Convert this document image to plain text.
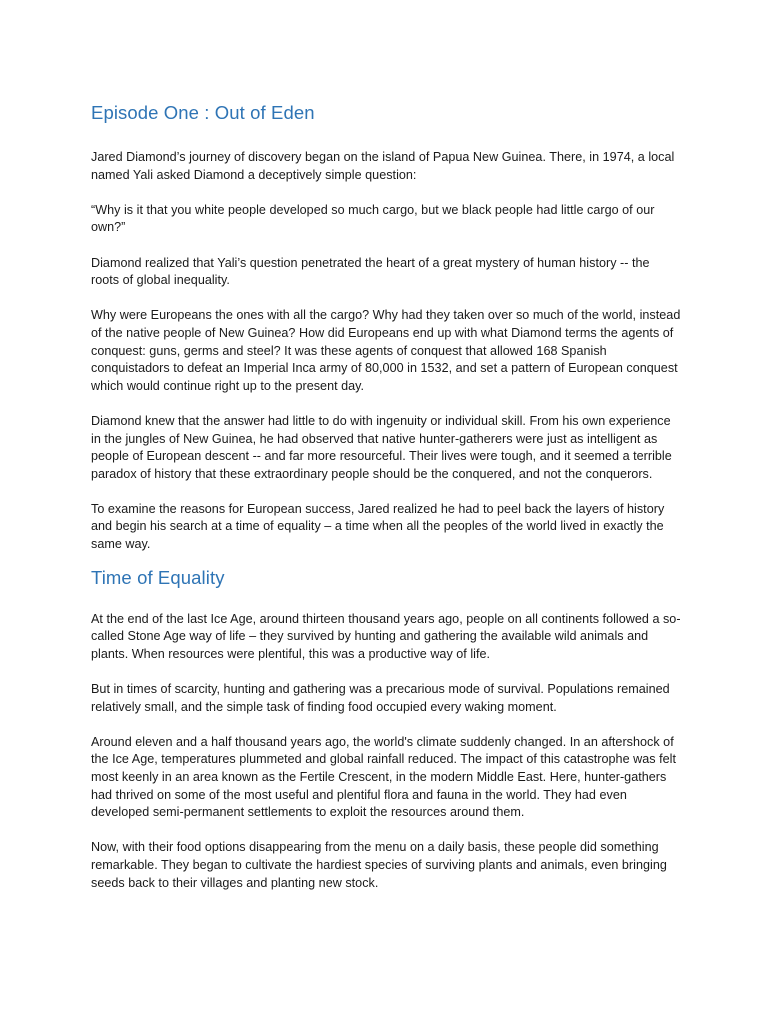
Episode One : Out of Eden

Jared Diamond’s journey of discovery began on the island of Papua New Guinea. There, in 1974, a local named Yali asked Diamond a deceptively simple question:

“Why is it that you white people developed so much cargo, but we black people had little cargo of our own?”

Diamond realized that Yali’s question penetrated the heart of a great mystery of human history -- the roots of global inequality.

Why were Europeans the ones with all the cargo? Why had they taken over so much of the world, instead of the native people of New Guinea? How did Europeans end up with what Diamond terms the agents of conquest: guns, germs and steel? It was these agents of conquest that allowed 168 Spanish conquistadors to defeat an Imperial Inca army of 80,000 in 1532, and set a pattern of European conquest which would continue right up to the present day.

Diamond knew that the answer had little to do with ingenuity or individual skill. From his own experience in the jungles of New Guinea, he had observed that native hunter-gatherers were just as intelligent as people of European descent -- and far more resourceful. Their lives were tough, and it seemed a terrible paradox of history that these extraordinary people should be the conquered, and not the conquerors.

To examine the reasons for European success, Jared realized he had to peel back the layers of history and begin his search at a time of equality – a time when all the peoples of the world lived in exactly the same way.

Time of Equality

At the end of the last Ice Age, around thirteen thousand years ago, people on all continents followed a so-called Stone Age way of life – they survived by hunting and gathering the available wild animals and plants. When resources were plentiful, this was a productive way of life.

But in times of scarcity, hunting and gathering was a precarious mode of survival. Populations remained relatively small, and the simple task of finding food occupied every waking moment.

Around eleven and a half thousand years ago, the world's climate suddenly changed. In an aftershock of the Ice Age, temperatures plummeted and global rainfall reduced. The impact of this catastrophe was felt most keenly in an area known as the Fertile Crescent, in the modern Middle East. Here, hunter-gathers had thrived on some of the most useful and plentiful flora and fauna in the world. They had even developed semi-permanent settlements to exploit the resources around them.

Now, with their food options disappearing from the menu on a daily basis, these people did something remarkable. They began to cultivate the hardiest species of surviving plants and animals, even bringing seeds back to their villages and planting new stock.
